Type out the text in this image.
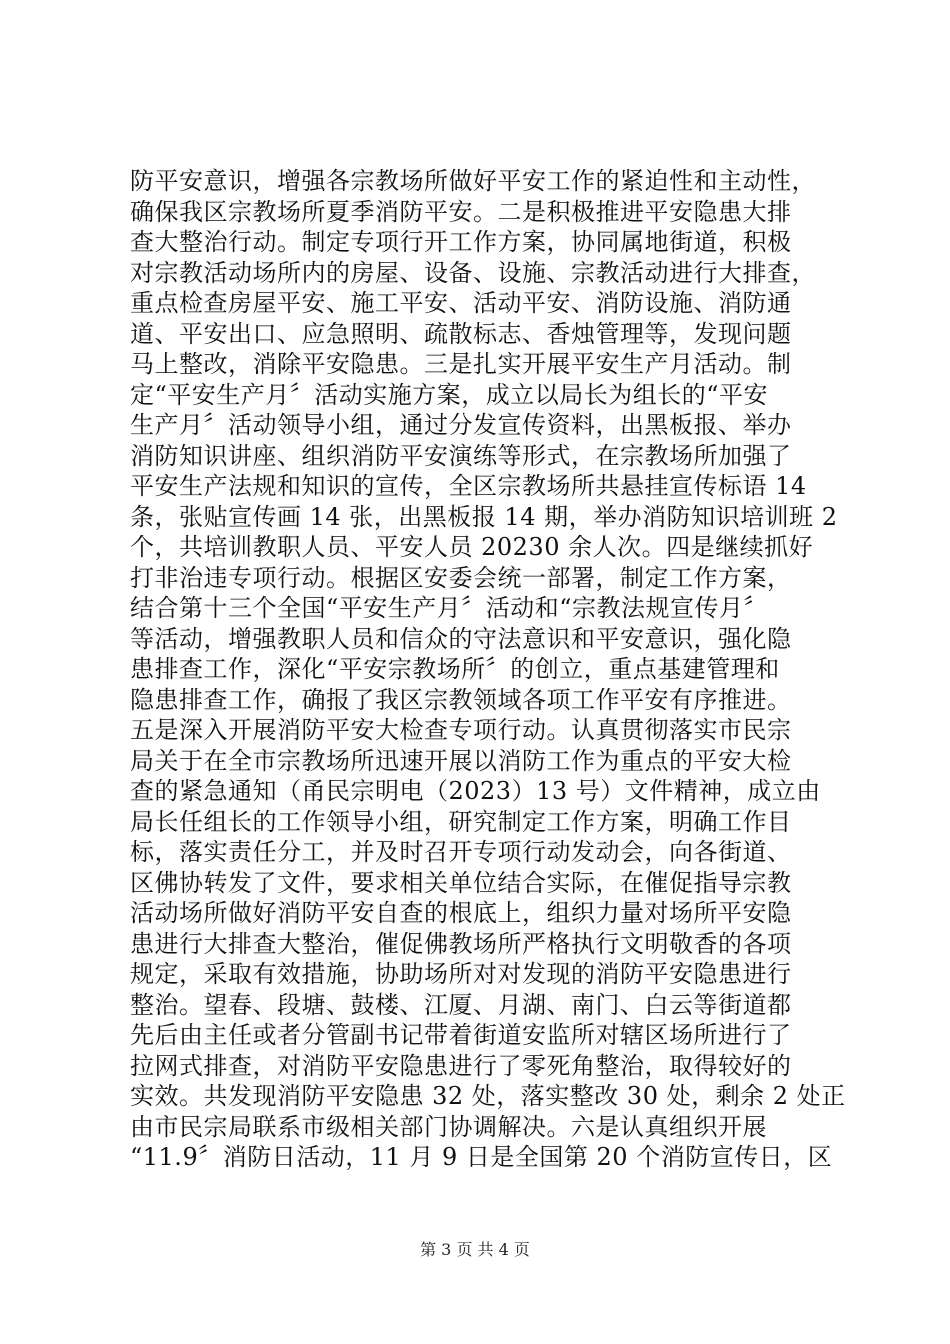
防平安意识，增强各宗教场所做好平安工作的紧迫性和主动性，
确保我区宗教场所夏季消防平安。二是积极推进平安隐患大排
查大整治行动。制定专项行开工作方案，协同属地街道，积极
对宗教活动场所内的房屋、设备、设施、宗教活动进行大排查，
重点检查房屋平安、施工平安、活动平安、消防设施、消防通
道、平安出口、应急照明、疏散标志、香烛管理等，发现问题
马上整改，消除平安隐患。三是扎实开展平安生产月活动。制
定“平安生产月〞活动实施方案，成立以局长为组长的“平安
生产月〞活动领导小组，通过分发宣传资料，出黑板报、举办
消防知识讲座、组织消防平安演练等形式，在宗教场所加强了
平安生产法规和知识的宣传，全区宗教场所共悬挂宣传标语 14
条，张贴宣传画 14 张，出黑板报 14 期，举办消防知识培训班 2
个，共培训教职人员、平安人员 20230 余人次。四是继续抓好
打非治违专项行动。根据区安委会统一部署，制定工作方案，
结合第十三个全国“平安生产月〞活动和“宗教法规宣传月〞
等活动，增强教职人员和信众的守法意识和平安意识，强化隐
患排查工作，深化“平安宗教场所〞的创立，重点基建管理和
隐患排查工作，确报了我区宗教领域各项工作平安有序推进。
五是深入开展消防平安大检查专项行动。认真贯彻落实市民宗
局关于在全市宗教场所迅速开展以消防工作为重点的平安大检
查的紧急通知（甬民宗明电（2023）13 号）文件精神，成立由
局长任组长的工作领导小组，研究制定工作方案，明确工作目
标，落实责任分工，并及时召开专项行动发动会，向各街道、
区佛协转发了文件，要求相关单位结合实际，在催促指导宗教
活动场所做好消防平安自查的根底上，组织力量对场所平安隐
患进行大排查大整治，催促佛教场所严格执行文明敬香的各项
规定，采取有效措施，协助场所对对发现的消防平安隐患进行
整治。望春、段塘、鼓楼、江厦、月湖、南门、白云等街道都
先后由主任或者分管副书记带着街道安监所对辖区场所进行了
拉网式排查，对消防平安隐患进行了零死角整治，取得较好的
实效。共发现消防平安隐患 32 处，落实整改 30 处，剩余 2 处正
由市民宗局联系市级相关部门协调解决。六是认真组织开展
“11.9〞消防日活动，11 月 9 日是全国第 20 个消防宣传日，区
第 3 页 共 4 页
